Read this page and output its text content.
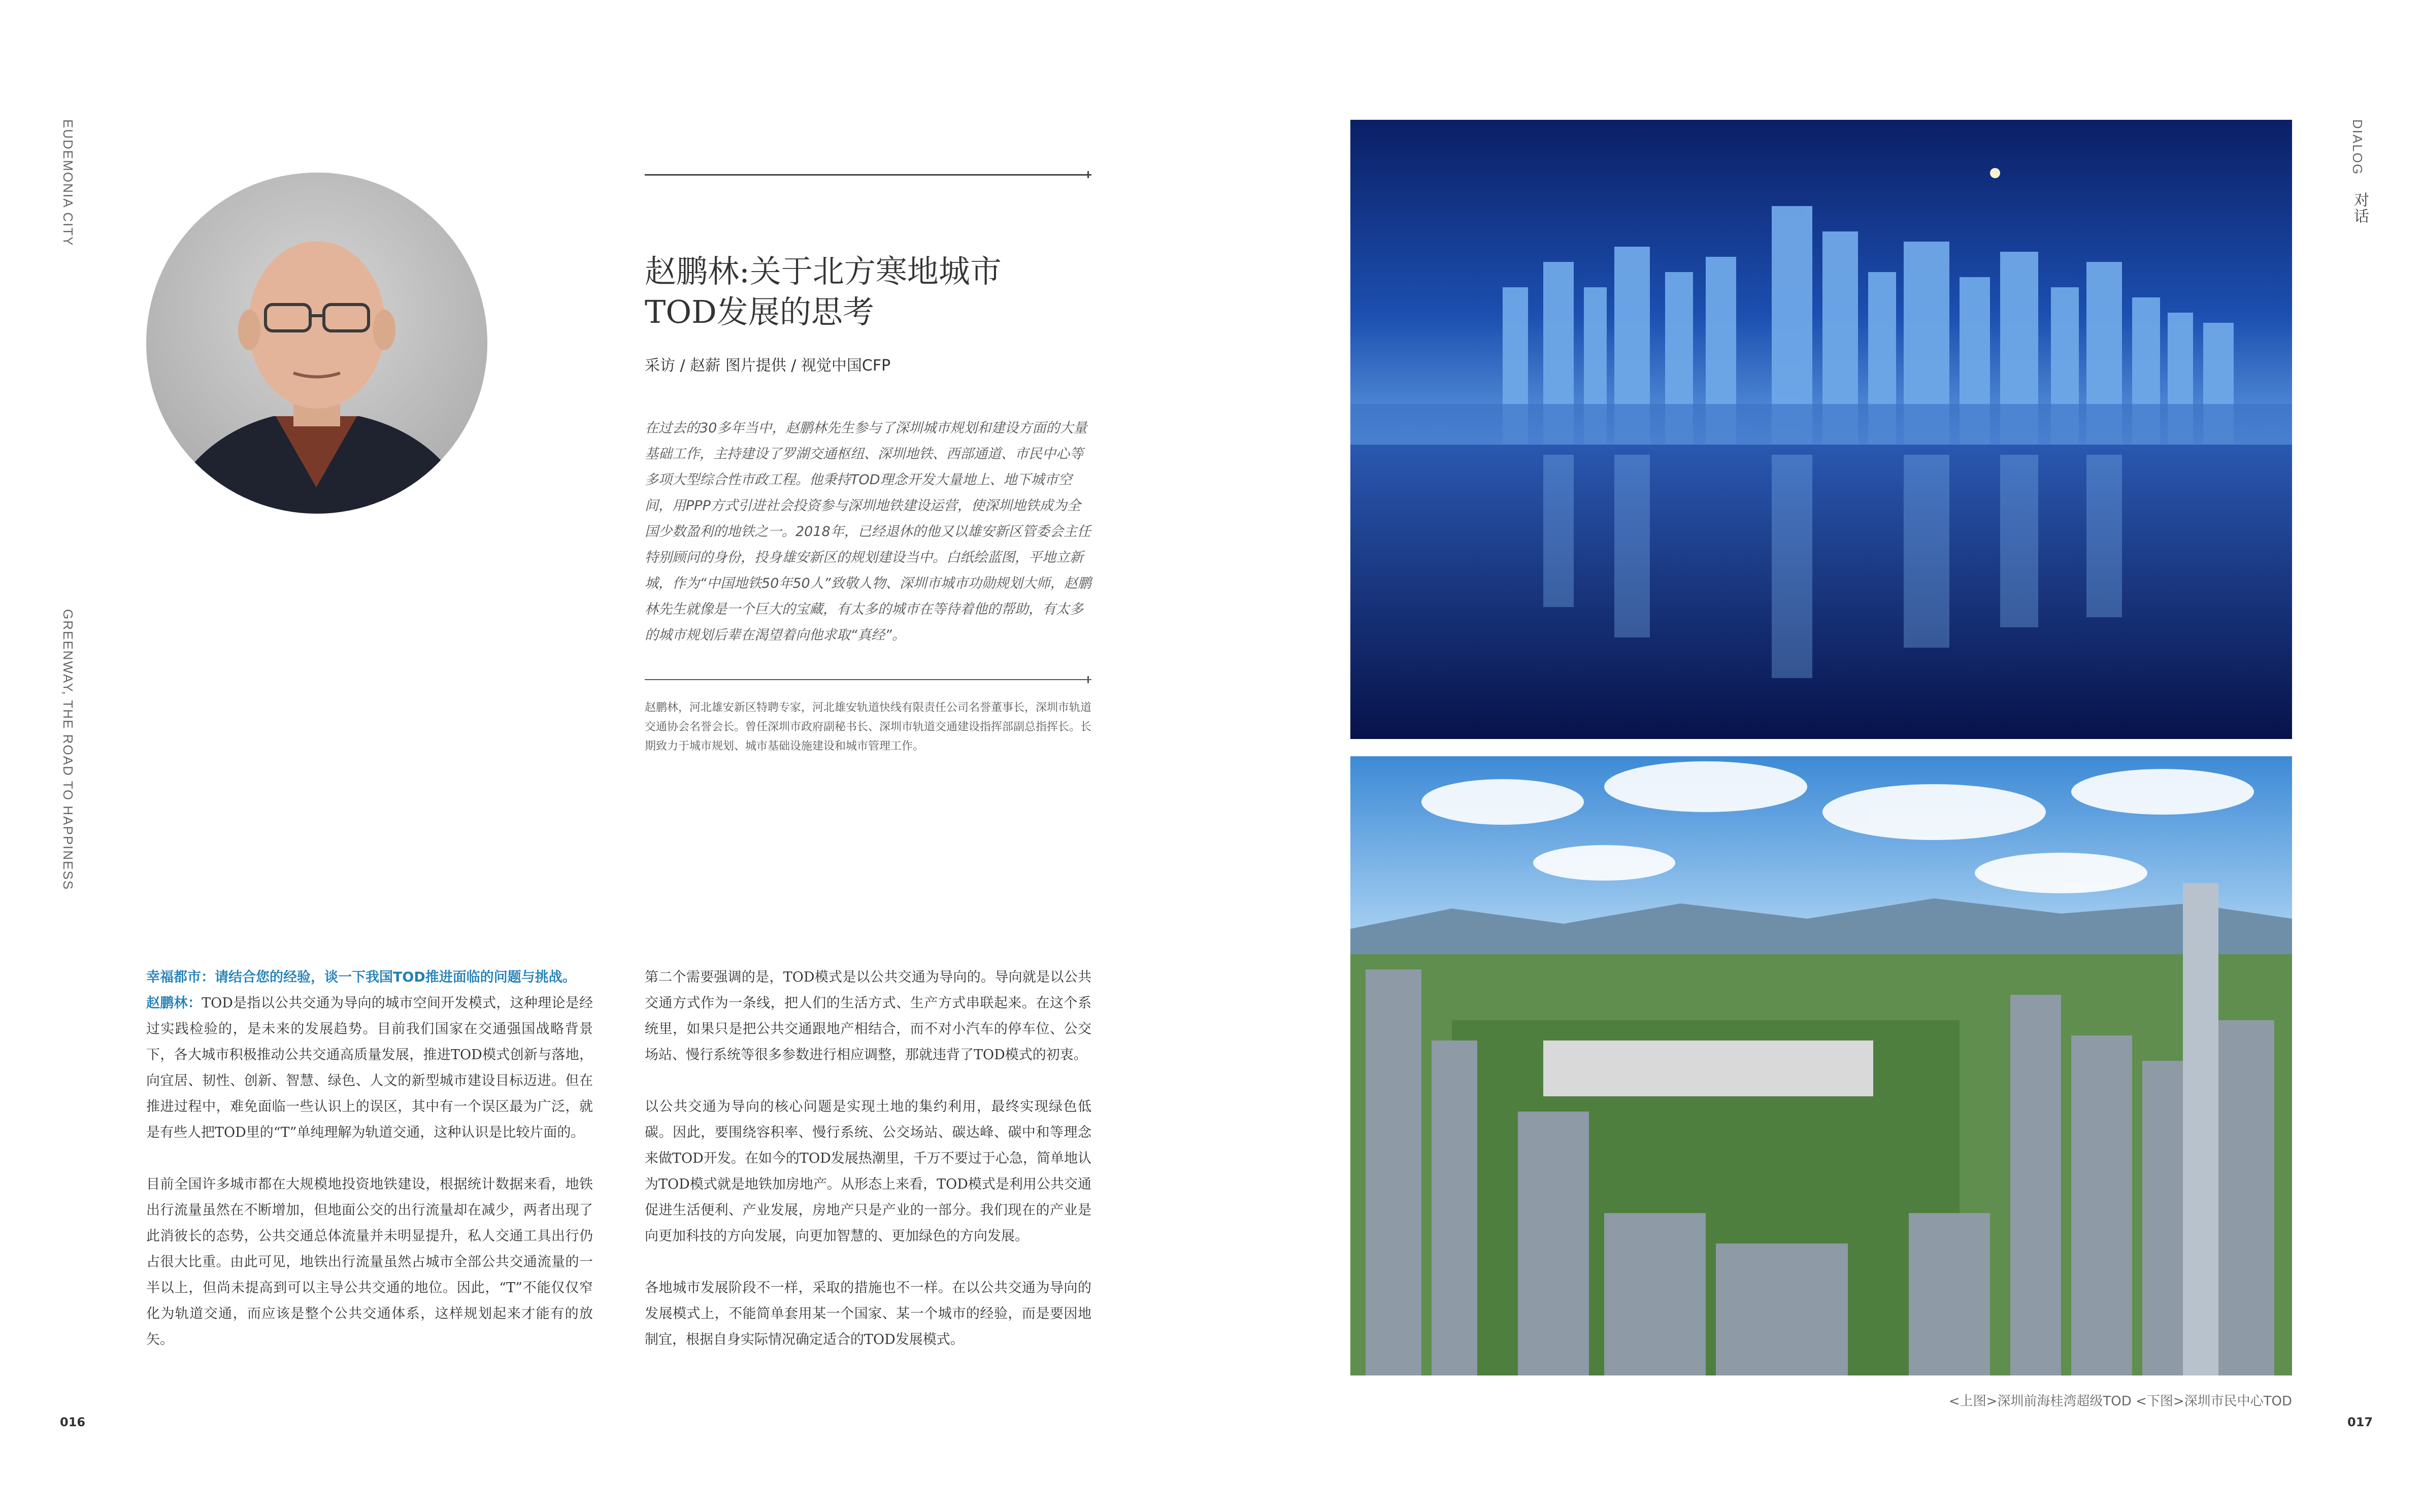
EUDEMONIA CITY
GREENWAY, THE ROAD TO HAPPINESS
DIALOG
对话
赵鹏林:关于北方寒地城市
TOD发展的思考
采访 / 赵薪 图片提供 / 视觉中国CFP
在过去的30多年当中，赵鹏林先生参与了深圳城市规划和建设方面的大量基础工作，主持建设了罗湖交通枢纽、深圳地铁、西部通道、市民中心等多项大型综合性市政工程。他秉持TOD理念开发大量地上、地下城市空间，用PPP方式引进社会投资参与深圳地铁建设运营，使深圳地铁成为全国少数盈利的地铁之一。2018年，已经退休的他又以雄安新区管委会主任特别顾问的身份，投身雄安新区的规划建设当中。白纸绘蓝图，平地立新城，作为“中国地铁50年50人”致敬人物、深圳市城市功勋规划大师，赵鹏林先生就像是一个巨大的宝藏，有太多的城市在等待着他的帮助，有太多的城市规划后辈在渴望着向他求取“真经”。
赵鹏林，河北雄安新区特聘专家，河北雄安轨道快线有限责任公司名誉董事长，深圳市轨道交通协会名誉会长。曾任深圳市政府副秘书长、深圳市轨道交通建设指挥部副总指挥长。长期致力于城市规划、城市基础设施建设和城市管理工作。

幸福都市：请结合您的经验，谈一下我国TOD推进面临的问题与挑战。

赵鹏林：TOD是指以公共交通为导向的城市空间开发模式，这种理论是经过实践检验的，是未来的发展趋势。目前我们国家在交通强国战略背景下，各大城市积极推动公共交通高质量发展，推进TOD模式创新与落地，向宜居、韧性、创新、智慧、绿色、人文的新型城市建设目标迈进。但在推进过程中，难免面临一些认识上的误区，其中有一个误区最为广泛，就是有些人把TOD里的“T”单纯理解为轨道交通，这种认识是比较片面的。

目前全国许多城市都在大规模地投资地铁建设，根据统计数据来看，地铁出行流量虽然在不断增加，但地面公交的出行流量却在减少，两者出现了此消彼长的态势，公共交通总体流量并未明显提升，私人交通工具出行仍占很大比重。由此可见，地铁出行流量虽然占城市全部公共交通流量的一半以上，但尚未提高到可以主导公共交通的地位。因此，“T”不能仅仅窄化为轨道交通，而应该是整个公共交通体系，这样规划起来才能有的放矢。

第二个需要强调的是，TOD模式是以公共交通为导向的。导向就是以公共交通方式作为一条线，把人们的生活方式、生产方式串联起来。在这个系统里，如果只是把公共交通跟地产相结合，而不对小汽车的停车位、公交场站、慢行系统等很多参数进行相应调整，那就违背了TOD模式的初衷。

以公共交通为导向的核心问题是实现土地的集约利用，最终实现绿色低碳。因此，要围绕容积率、慢行系统、公交场站、碳达峰、碳中和等理念来做TOD开发。在如今的TOD发展热潮里，千万不要过于心急，简单地认为TOD模式就是地铁加房地产。从形态上来看，TOD模式是利用公共交通促进生活便利、产业发展，房地产只是产业的一部分。我们现在的产业是向更加科技的方向发展，向更加智慧的、更加绿色的方向发展。

各地城市发展阶段不一样，采取的措施也不一样。在以公共交通为导向的发展模式上，不能简单套用某一个国家、某一个城市的经验，而是要因地制宜，根据自身实际情况确定适合的TOD发展模式。

<上图>深圳前海桂湾超级TOD <下图>深圳市民中心TOD
016	017
